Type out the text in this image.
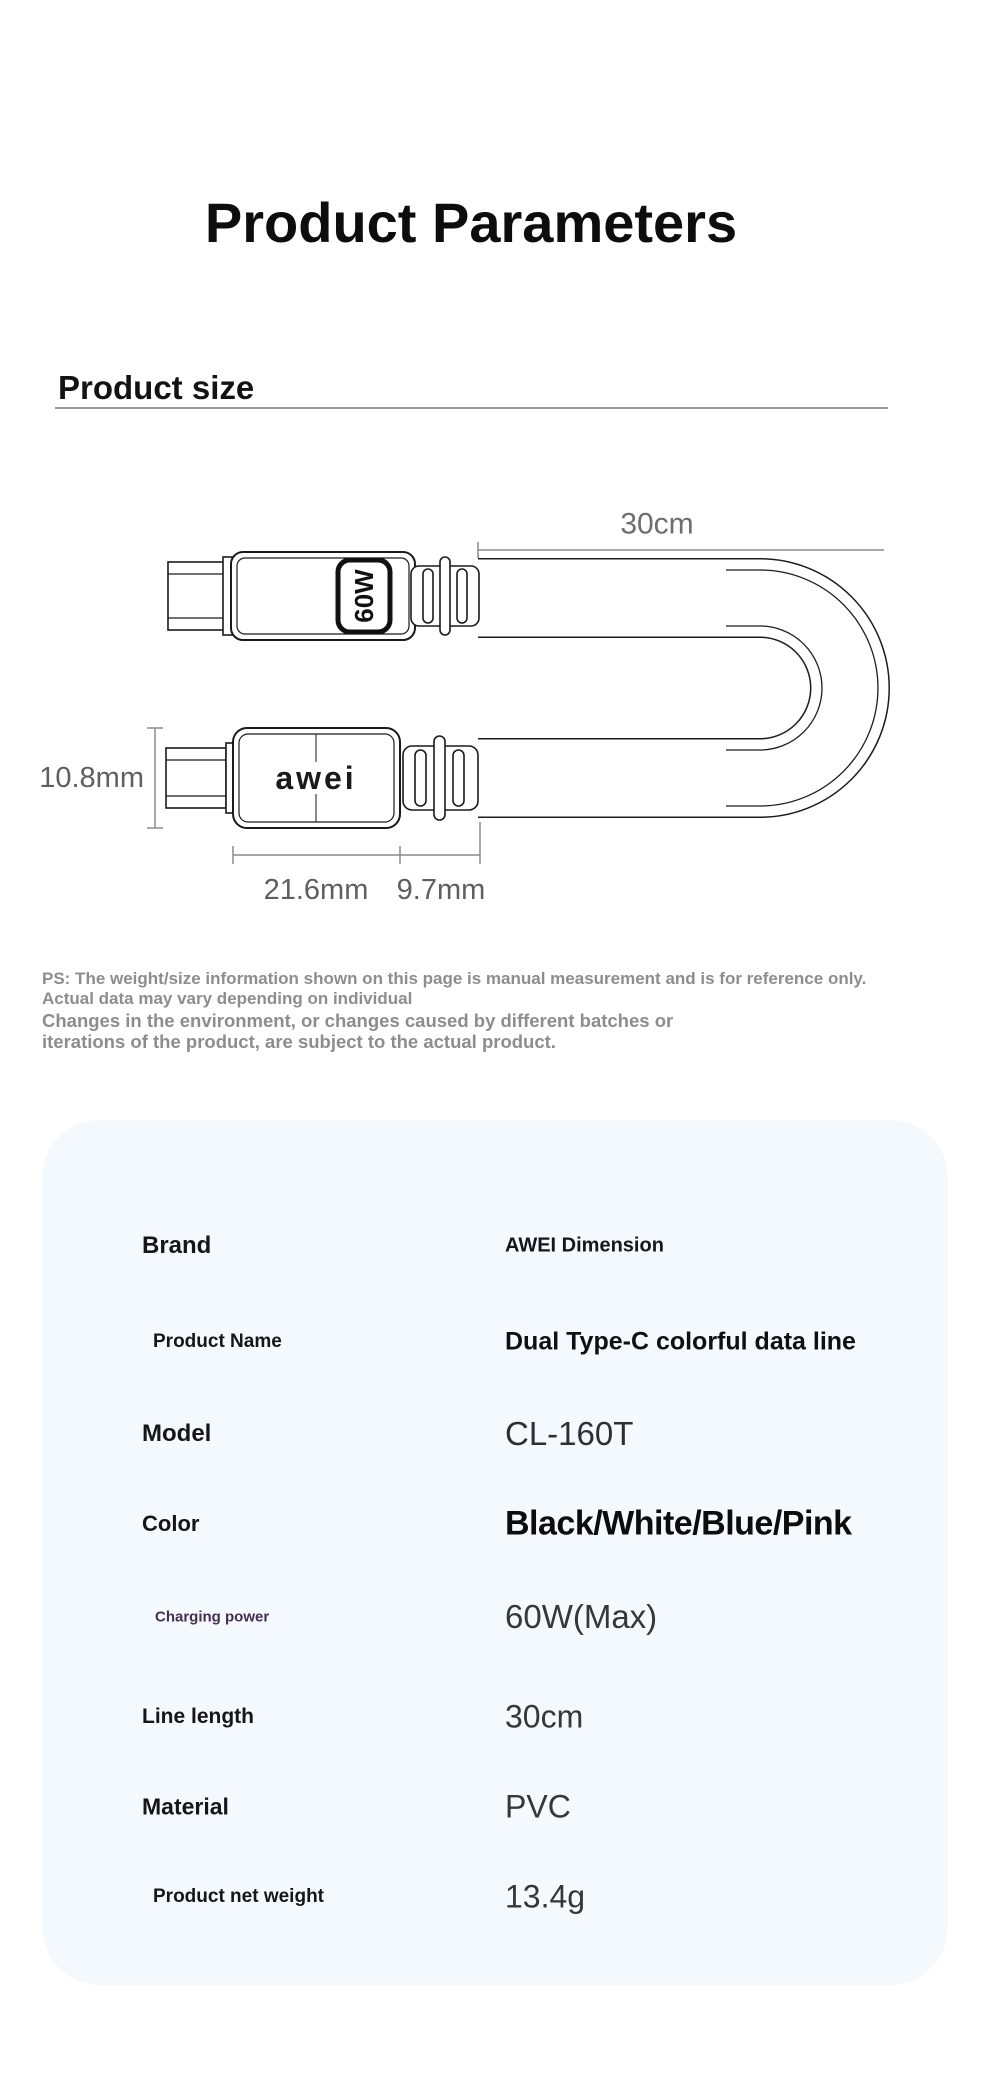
Product Parameters
Product size
60W
awei
30cm
10.8mm
21.6mm 9.7mm

PS: The weight/size information shown on this page is manual measurement and is for reference only. Actual data may vary depending on individual

Changes in the environment, or changes caused by different batches or iterations of the product, are subject to the actual product.

Brand	AWEI Dimension
Product Name	Dual Type-C colorful data line
Model	CL-160T
Color	Black/White/Blue/Pink
Charging power	60W(Max)
Line length	30cm
Material	PVC
Product net weight	13.4g
